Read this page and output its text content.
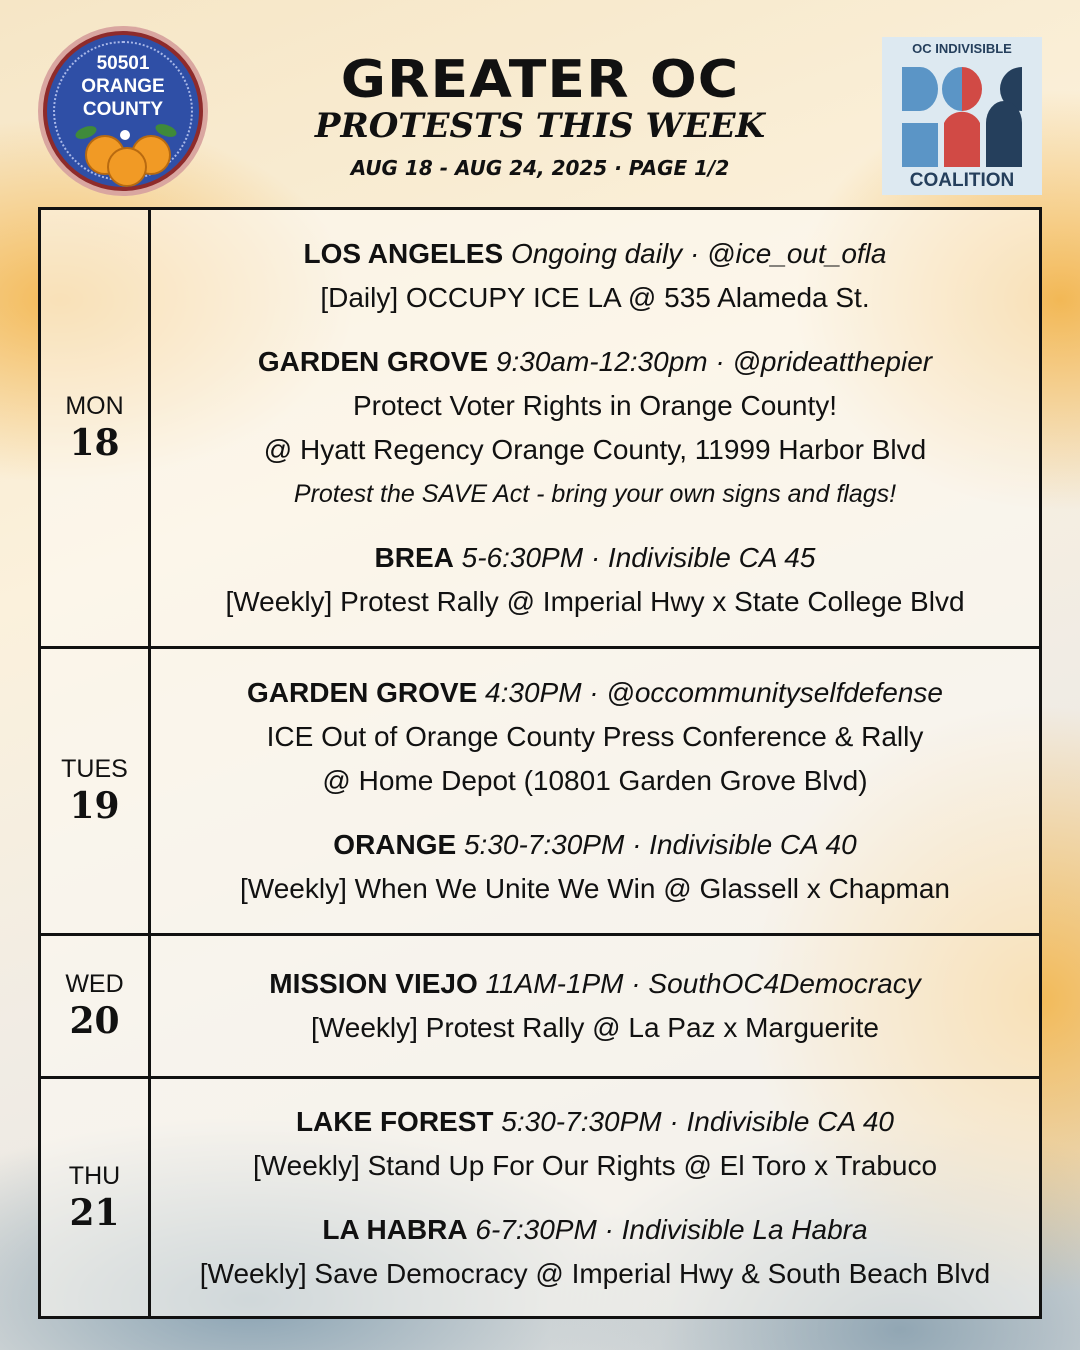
50501
ORANGE
COUNTY	GREATER OC
PROTESTS THIS WEEK
AUG 18 - AUG 24, 2025 · PAGE 1/2
OC INDIVISIBLE
COALITION
MON
18
LOS ANGELES Ongoing daily · @ice_out_ofla
[Daily] OCCUPY ICE LA @ 535 Alameda St.
GARDEN GROVE 9:30am-12:30pm · @prideatthepier
Protect Voter Rights in Orange County!
@ Hyatt Regency Orange County, 11999 Harbor Blvd
Protest the SAVE Act - bring your own signs and flags!
BREA 5-6:30PM · Indivisible CA 45
[Weekly] Protest Rally @ Imperial Hwy x State College Blvd
TUES
19
GARDEN GROVE 4:30PM · @occommunityselfdefense
ICE Out of Orange County Press Conference & Rally
@ Home Depot (10801 Garden Grove Blvd)
ORANGE 5:30-7:30PM · Indivisible CA 40
[Weekly] When We Unite We Win @ Glassell x Chapman
WED
20
MISSION VIEJO 11AM-1PM · SouthOC4Democracy
[Weekly] Protest Rally @ La Paz x Marguerite
THU
21
LAKE FOREST 5:30-7:30PM · Indivisible CA 40
[Weekly] Stand Up For Our Rights @ El Toro x Trabuco
LA HABRA 6-7:30PM · Indivisible La Habra
[Weekly] Save Democracy @ Imperial Hwy & South Beach Blvd
